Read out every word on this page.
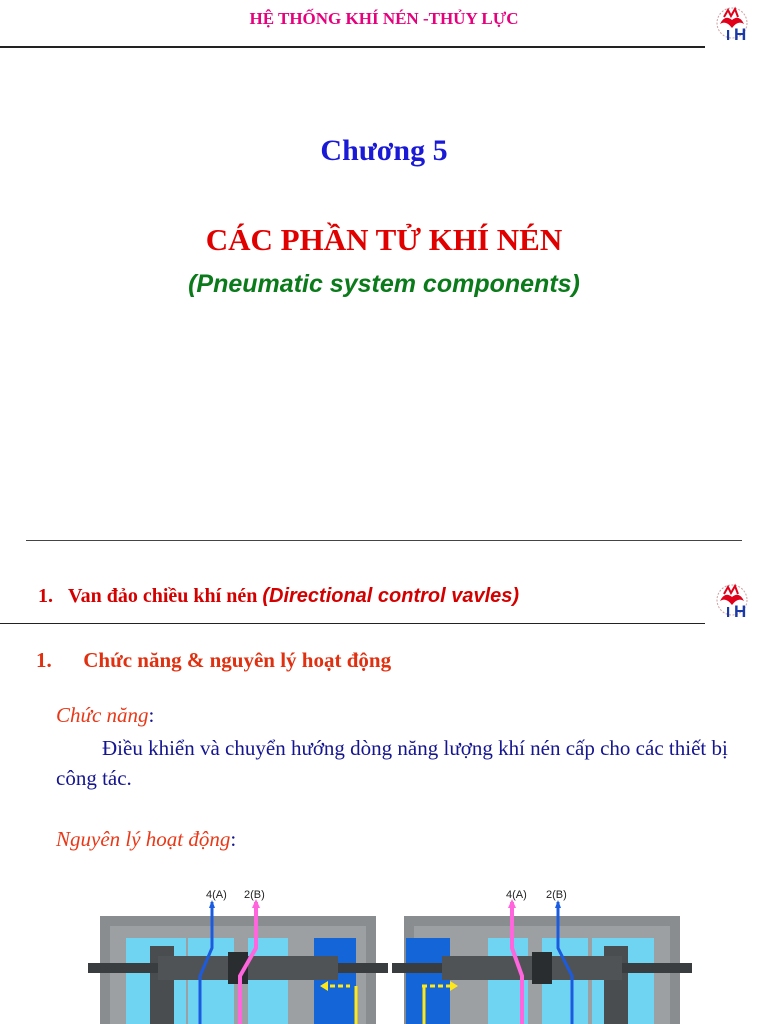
HỆ THỐNG KHÍ NÉN -THỦY LỰC
H
I
Chương 5
CÁC PHẦN TỬ KHÍ NÉN
(Pneumatic system components)
1. Van đảo chiều khí nén (Directional control vavles)
I H
1.      Chức năng & nguyên lý hoạt động
Chức năng:
Điều khiển và chuyển hướng dòng năng lượng khí nén cấp cho các thiết bị công tác.
Nguyên lý hoạt động:
4(A) 2(B)	4(A) 2(B)
